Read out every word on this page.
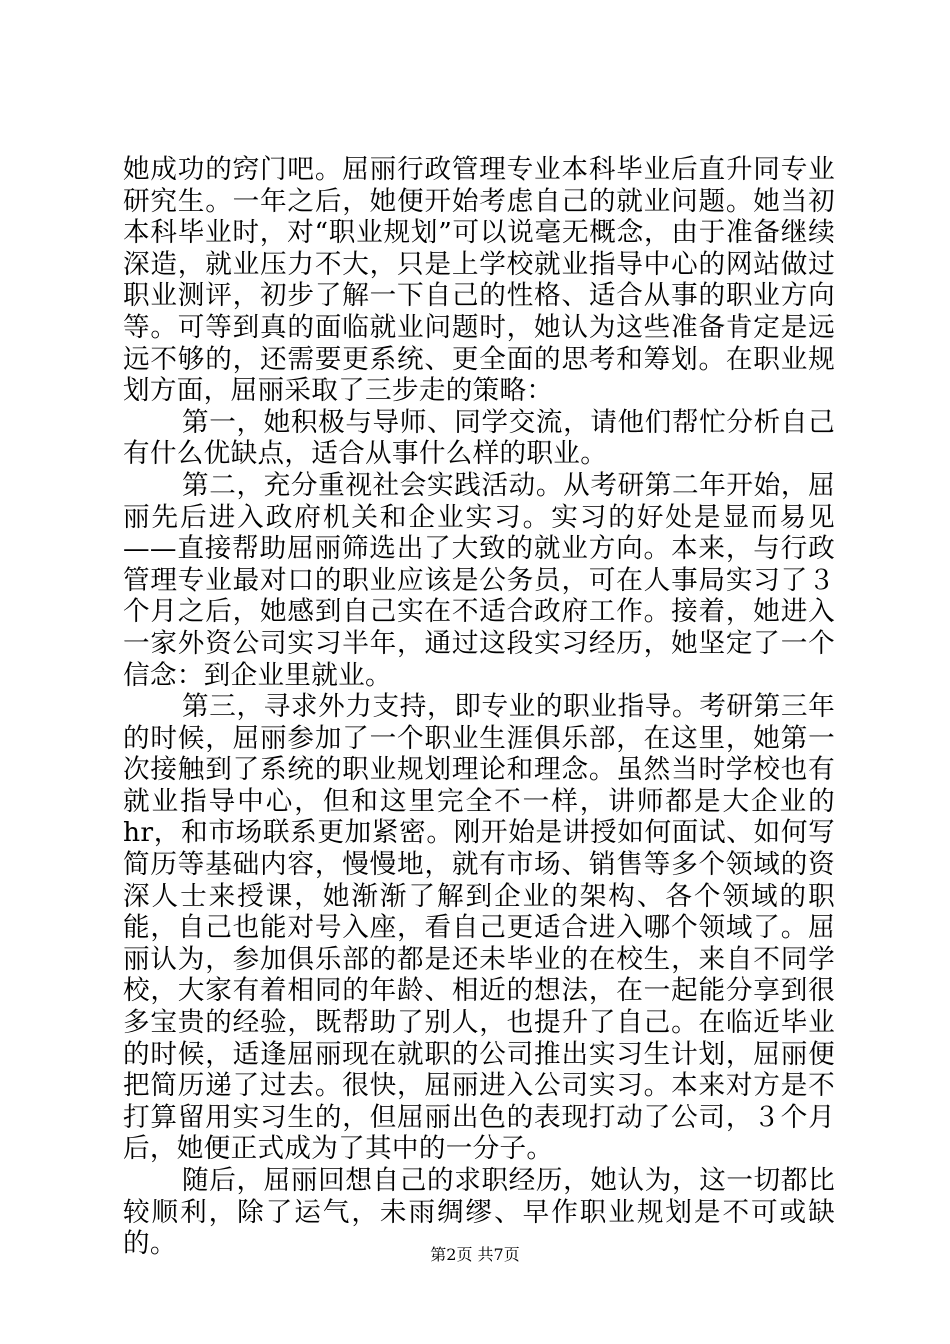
她成功的窍门吧。屈丽行政管理专业本科毕业后直升同专业研究生。一年之后，她便开始考虑自己的就业问题。她当初本科毕业时，对“职业规划”可以说毫无概念，由于准备继续深造，就业压力不大，只是上学校就业指导中心的网站做过职业测评，初步了解一下自己的性格、适合从事的职业方向等。可等到真的面临就业问题时，她认为这些准备肯定是远远不够的，还需要更系统、更全面的思考和筹划。在职业规划方面，屈丽采取了三步走的策略：

第一，她积极与导师、同学交流，请他们帮忙分析自己有什么优缺点，适合从事什么样的职业。

第二，充分重视社会实践活动。从考研第二年开始，屈丽先后进入政府机关和企业实习。实习的好处是显而易见——直接帮助屈丽筛选出了大致的就业方向。本来，与行政管理专业最对口的职业应该是公务员，可在人事局实习了３个月之后，她感到自己实在不适合政府工作。接着，她进入一家外资公司实习半年，通过这段实习经历，她坚定了一个信念：到企业里就业。

第三，寻求外力支持，即专业的职业指导。考研第三年的时候，屈丽参加了一个职业生涯俱乐部，在这里，她第一次接触到了系统的职业规划理论和理念。虽然当时学校也有就业指导中心，但和这里完全不一样，讲师都是大企业的hr，和市场联系更加紧密。刚开始是讲授如何面试、如何写简历等基础内容，慢慢地，就有市场、销售等多个领域的资深人士来授课，她渐渐了解到企业的架构、各个领域的职能，自己也能对号入座，看自己更适合进入哪个领域了。屈丽认为，参加俱乐部的都是还未毕业的在校生，来自不同学校，大家有着相同的年龄、相近的想法，在一起能分享到很多宝贵的经验，既帮助了别人，也提升了自己。在临近毕业的时候，适逢屈丽现在就职的公司推出实习生计划，屈丽便把简历递了过去。很快，屈丽进入公司实习。本来对方是不打算留用实习生的，但屈丽出色的表现打动了公司，３个月后，她便正式成为了其中的一分子。

随后，屈丽回想自己的求职经历，她认为，这一切都比较顺利，除了运气，未雨绸缪、早作职业规划是不可或缺的。	第2页 共7页
